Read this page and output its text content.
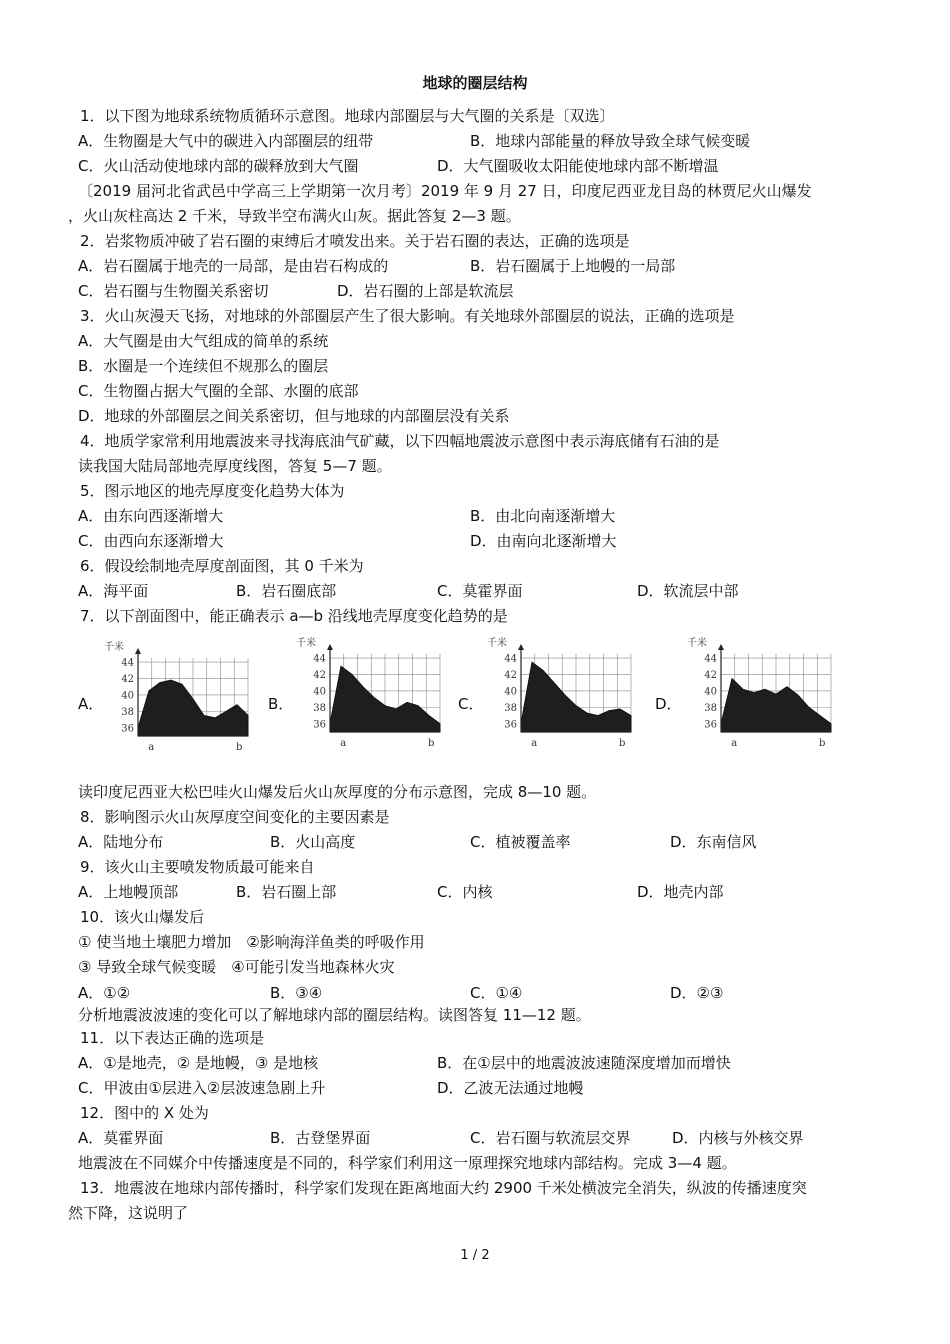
地球的圈层结构
1．以下图为地球系统物质循环示意图。地球内部圈层与大气圈的关系是〔双选〕
A．生物圈是大气中的碳进入内部圈层的纽带	B．地球内部能量的释放导致全球气候变暖
C．火山活动使地球内部的碳释放到大气圈	D．大气圈吸收太阳能使地球内部不断增温
〔2019 届河北省武邑中学高三上学期第一次月考〕2019 年 9 月 27 日，印度尼西亚龙目岛的林贾尼火山爆发
，火山灰柱高达 2 千米，导致半空布满火山灰。据此答复 2—3 题。
2．岩浆物质冲破了岩石圈的束缚后才喷发出来。关于岩石圈的表达，正确的选项是
A．岩石圈属于地壳的一局部，是由岩石构成的	B．岩石圈属于上地幔的一局部
C．岩石圈与生物圈关系密切	D．岩石圈的上部是软流层
3．火山灰漫天飞扬，对地球的外部圈层产生了很大影响。有关地球外部圈层的说法，正确的选项是
A．大气圈是由大气组成的简单的系统
B．水圈是一个连续但不规那么的圈层
C．生物圈占据大气圈的全部、水圈的底部
D．地球的外部圈层之间关系密切，但与地球的内部圈层没有关系
4．地质学家常利用地震波来寻找海底油气矿藏，以下四幅地震波示意图中表示海底储有石油的是
读我国大陆局部地壳厚度线图，答复 5—7 题。
5．图示地区的地壳厚度变化趋势大体为
A．由东向西逐渐增大	B．由北向南逐渐增大
C．由西向东逐渐增大	D．由南向北逐渐增大
6．假设绘制地壳厚度剖面图，其 0 千米为
A．海平面	B．岩石圈底部	C．莫霍界面	D．软流层中部
7．以下剖面图中，能正确表示 a—b 沿线地壳厚度变化趋势的是
A．	B．	C．	D．
千米
44
42
40
38
36
a	b
千米
44
42
40
38
36
a	b
千米
44
42
40
38
36
a	b
千米
44
42
40
38
36
a	b
读印度尼西亚大松巴哇火山爆发后火山灰厚度的分布示意图，完成 8—10 题。
8．影响图示火山灰厚度空间变化的主要因素是
A．陆地分布	B．火山高度	C．植被覆盖率	D．东南信风
9．该火山主要喷发物质最可能来自
A．上地幔顶部	B．岩石圈上部	C．内核	D．地壳内部
10．该火山爆发后
① 使当地土壤肥力增加　②影响海洋鱼类的呼吸作用
③ 导致全球气候变暖　④可能引发当地森林火灾
A．①②	B．③④	C．①④	D．②③
分析地震波波速的变化可以了解地球内部的圈层结构。读图答复 11—12 题。
11．以下表达正确的选项是
A．①是地壳，② 是地幔，③ 是地核	B．在①层中的地震波波速随深度增加而增快
C．甲波由①层进入②层波速急剧上升	D．乙波无法通过地幔
12．图中的 X 处为
A．莫霍界面	B．古登堡界面	C．岩石圈与软流层交界	D．内核与外核交界
地震波在不同媒介中传播速度是不同的，科学家们利用这一原理探究地球内部结构。完成 3—4 题。
13．地震波在地球内部传播时，科学家们发现在距离地面大约 2900 千米处横波完全消失，纵波的传播速度突
然下降，这说明了
1 / 2
